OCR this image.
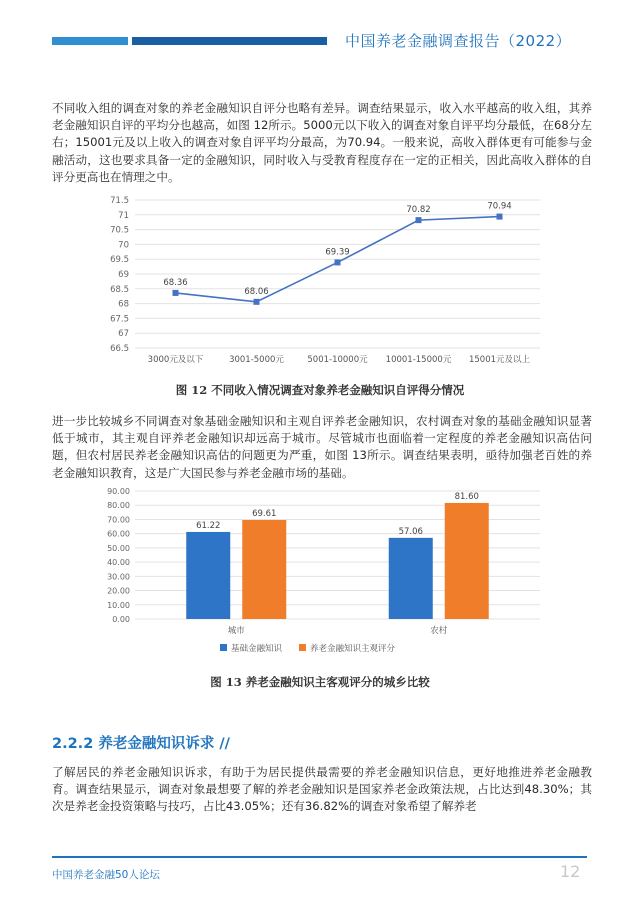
中国养老金融调查报告（2022）

不同收入组的调查对象的养老金融知识自评分也略有差异。调查结果显示，收入水平越高的收入组，其养老金融知识自评的平均分也越高，如图 12所示。5000元以下收入的调查对象自评平均分最低，在68分左右；15001元及以上收入的调查对象自评平均分最高，为70.94。一般来说，高收入群体更有可能参与金融活动，这也要求具备一定的金融知识，同时收入与受教育程度存在一定的正相关，因此高收入群体的自评分更高也在情理之中。

66.5
67
67.5
68
68.5
69
69.5
70
70.5
71
71.5
68.36
3000元及以下
68.06
3001-5000元
69.39
5001-10000元
70.82
10001-15000元
70.94
15001元及以上
图 12 不同收入情况调查对象养老金融知识自评得分情况

进一步比较城乡不同调查对象基础金融知识和主观自评养老金融知识，农村调查对象的基础金融知识显著低于城市，其主观自评养老金融知识却远高于城市。尽管城市也面临着一定程度的养老金融知识高估问题，但农村居民养老金融知识高估的问题更为严重，如图 13所示。调查结果表明，亟待加强老百姓的养老金融知识教育，这是广大国民参与养老金融市场的基础。

0.00
10.00
20.00
30.00
40.00
50.00
60.00
70.00
80.00
90.00
61.22
69.61
城市
57.06
81.60
农村
基础金融知识	养老金融知识主观评分
图 13 养老金融知识主客观评分的城乡比较
2.2.2 养老金融知识诉求 //

了解居民的养老金融知识诉求，有助于为居民提供最需要的养老金融知识信息，更好地推进养老金融教育。调查结果显示，调查对象最想要了解的养老金融知识是国家养老金政策法规，占比达到48.30%；其次是养老金投资策略与技巧，占比43.05%；还有36.82%的调查对象希望了解养老

中国养老金融50人论坛	12
